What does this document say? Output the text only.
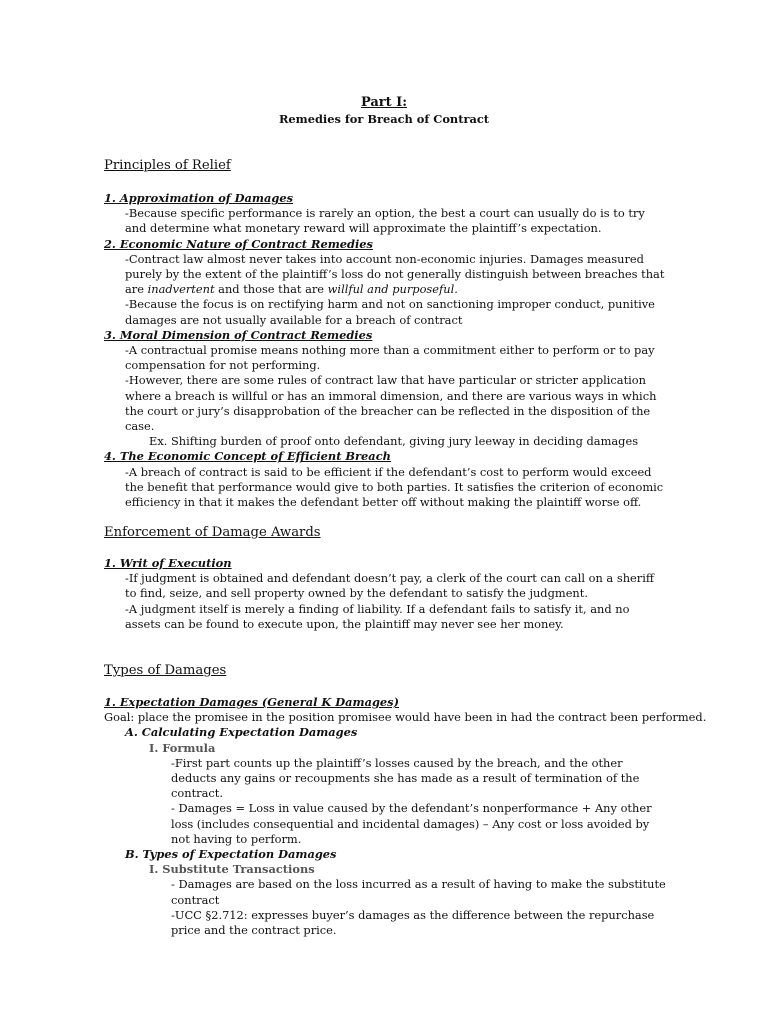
Part I:
Remedies for Breach of Contract
Principles of Relief

1. Approximation of Damages

-Because specific performance is rarely an option, the best a court can usually do is to try and determine what monetary reward will approximate the plaintiff’s expectation.

2. Economic Nature of Contract Remedies

-Contract law almost never takes into account non-economic injuries. Damages measured purely by the extent of the plaintiff’s loss do not generally distinguish between breaches that are inadvertent and those that are willful and purposeful.

-Because the focus is on rectifying harm and not on sanctioning improper conduct, punitive damages are not usually available for a breach of contract

3. Moral Dimension of Contract Remedies

-A contractual promise means nothing more than a commitment either to perform or to pay compensation for not performing.

-However, there are some rules of contract law that have particular or stricter application where a breach is willful or has an immoral dimension, and there are various ways in which the court or jury’s disapprobation of the breacher can be reflected in the disposition of the case.

Ex. Shifting burden of proof onto defendant, giving jury leeway in deciding damages

4. The Economic Concept of Efficient Breach

-A breach of contract is said to be efficient if the defendant’s cost to perform would exceed the benefit that performance would give to both parties. It satisfies the criterion of economic efficiency in that it makes the defendant better off without making the plaintiff worse off.

Enforcement of Damage Awards

1. Writ of Execution

-If judgment is obtained and defendant doesn’t pay, a clerk of the court can call on a sheriff to find, seize, and sell property owned by the defendant to satisfy the judgment.

-A judgment itself is merely a finding of liability. If a defendant fails to satisfy it, and no assets can be found to execute upon, the plaintiff may never see her money.

Types of Damages

1. Expectation Damages (General K Damages)

Goal: place the promisee in the position promisee would have been in had the contract been performed.

A. Calculating Expectation Damages

I. Formula

-First part counts up the plaintiff’s losses caused by the breach, and the other deducts any gains or recoupments she has made as a result of termination of the contract.

- Damages = Loss in value caused by the defendant’s nonperformance + Any other loss (includes consequential and incidental damages) – Any cost or loss avoided by not having to perform.

B. Types of Expectation Damages

I. Substitute Transactions

- Damages are based on the loss incurred as a result of having to make the substitute contract

-UCC §2.712: expresses buyer’s damages as the difference between the repurchase price and the contract price.
